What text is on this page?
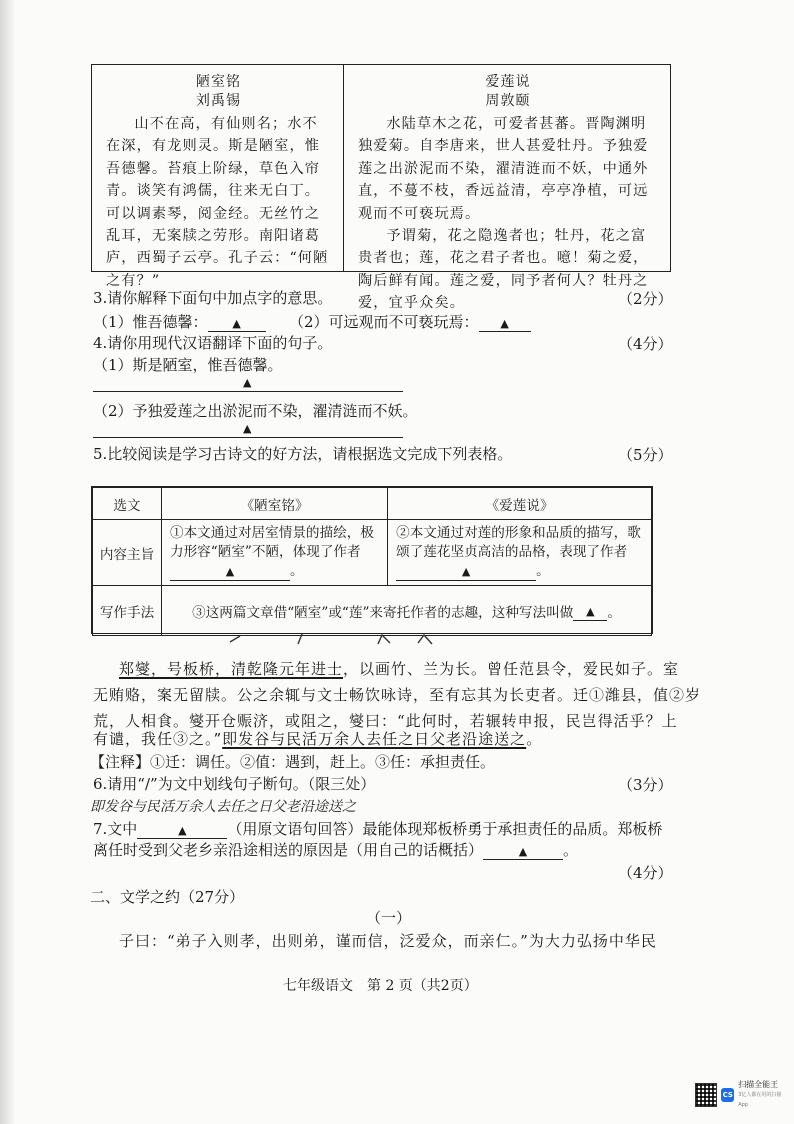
陋室铭
刘禹锡
山不在高，有仙则名；水不在深，有龙则灵。斯是陋室，惟吾德馨。苔痕上阶绿，草色入帘青。谈笑有鸿儒，往来无白丁。可以调素琴，阅金经。无丝竹之乱耳，无案牍之劳形。南阳诸葛庐，西蜀子云亭。孔子云：“何陋之有？”
爱莲说
周敦颐
水陆草木之花，可爱者甚蕃。晋陶渊明独爱菊。自李唐来，世人甚爱牡丹。予独爱莲之出淤泥而不染，濯清涟而不妖，中通外直，不蔓不枝，香远益清，亭亭净植，可远观而不可亵玩焉。
予谓菊，花之隐逸者也；牡丹，花之富贵者也；莲，花之君子者也。噫！菊之爱，陶后鲜有闻。莲之爱，同予者何人？牡丹之爱，宜乎众矣。
3.请你解释下面句中加点字的意思。	（2分）
（1）惟吾德馨： ▲	（2）可远观而不可亵玩焉： ▲
4.请你用现代汉语翻译下面的句子。	（4分）
（1）斯是陋室，惟吾德馨。
▲
（2）予独爱莲之出淤泥而不染，濯清涟而不妖。
▲
5.比较阅读是学习古诗文的好方法，请根据选文完成下列表格。	（5分）
选文	《陋室铭》	《爱莲说》
内容主旨	①本文通过对居室情景的描绘，极力形容“陋室”不陋，体现了作者▲ 。	②本文通过对莲的形象和品质的描写，歌颂了莲花坚贞高洁的品格，表现了作者▲ 。

写作手法	③这两篇文章借“陋室”或“莲”来寄托作者的志趣，这种写法叫做 ▲ 。	
郑燮，号板桥，清乾隆元年进士，以画竹、兰为长。曾任范县令，爱民如子。室
无贿赂，案无留牍。公之余辄与文士畅饮咏诗，至有忘其为长吏者。迁①潍县，值②岁
荒，人相食。燮开仓赈济，或阻之，燮曰：“此何时，若辗转申报，民岂得活乎？上
有谴，我任③之。”即发谷与民活万余人去任之日父老沿途送之。
【注释】①迁：调任。②值：遇到，赶上。③任：承担责任。
6.请用“/”为文中划线句子断句。（限三处）	（3分）
即发谷与民活万余人去任之日父老沿途送之
7.文中	▲	（用原文语句回答）最能体现郑板桥勇于承担责任的品质。郑板桥
离任时受到父老乡亲沿途相送的原因是（用自己的话概括）	▲ 。
（4分）
二、文学之约（27分）
（一）
子曰：“弟子入则孝，出则弟，谨而信，泛爱众，而亲仁。”为大力弘扬中华民
七年级语文　第 2 页（共2页）
CS
扫描全能王
3亿人都在用的扫描App
